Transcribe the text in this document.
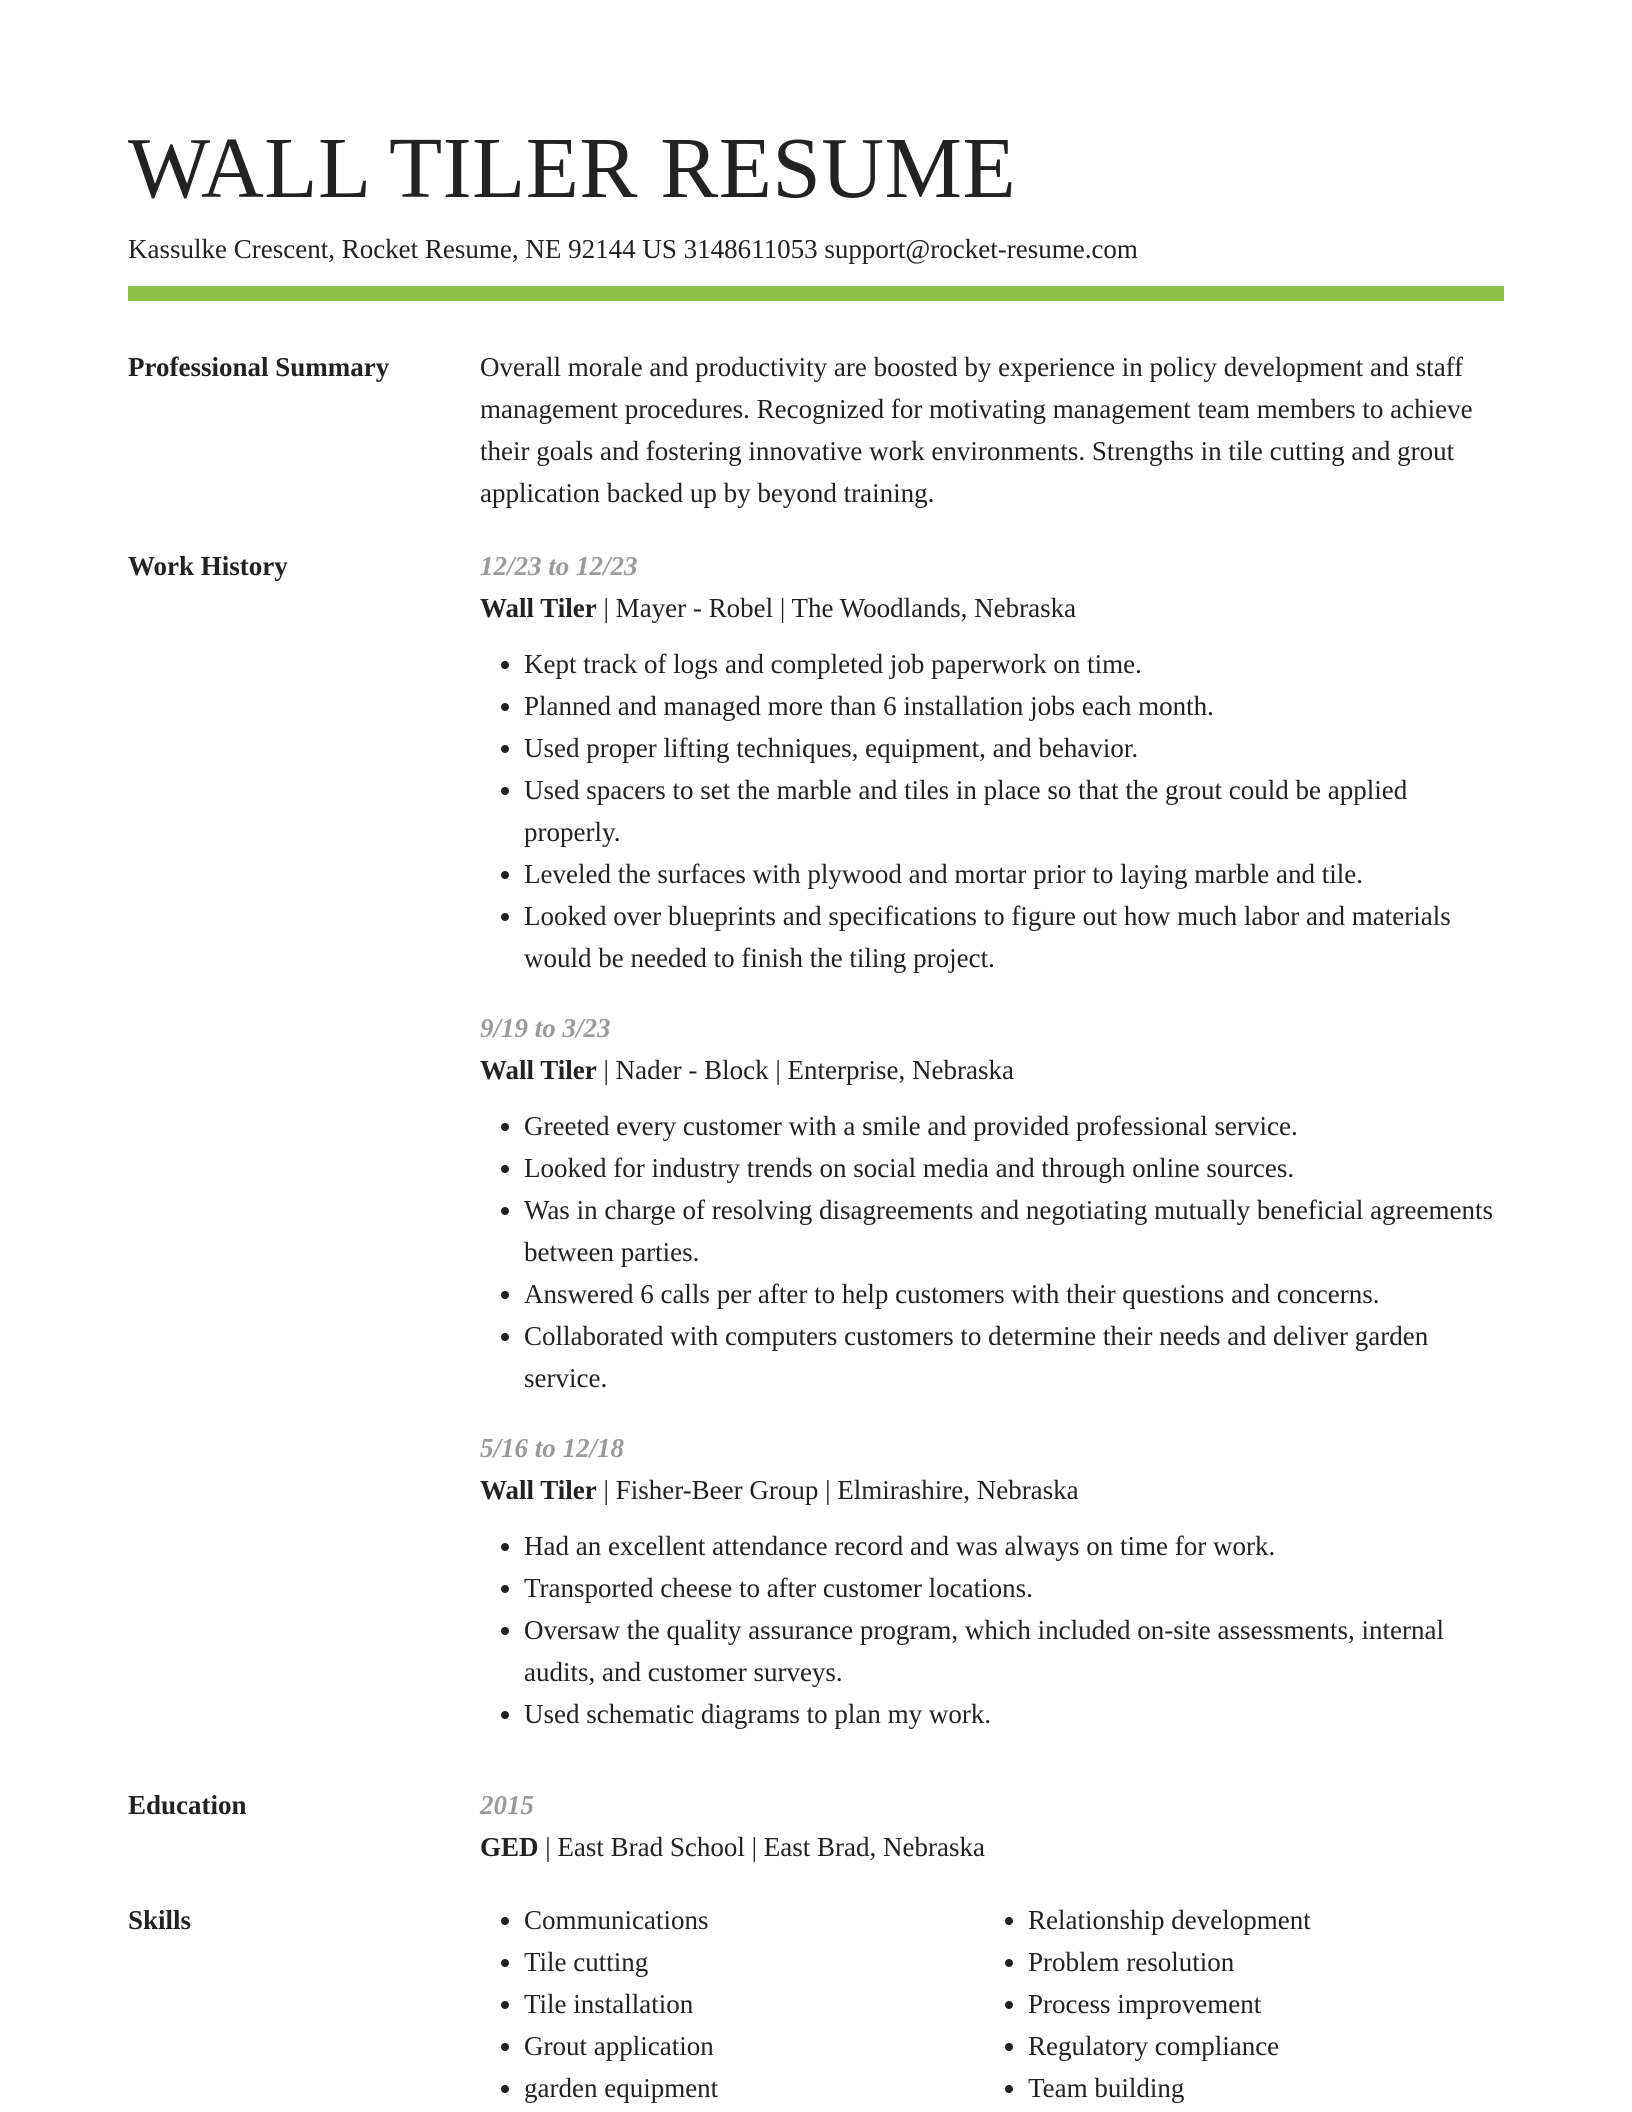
WALL TILER RESUME
Kassulke Crescent, Rocket Resume, NE 92144 US 3148611053 support@rocket-resume.com
Professional Summary	Overall morale and productivity are boosted by experience in policy development and staff management procedures. Recognized for motivating management team members to achieve their goals and fostering innovative work environments. Strengths in tile cutting and grout application backed up by beyond training.

Work History	12/23 to 12/23
Wall Tiler | Mayer - Robel | The Woodlands, Nebraska
• Kept track of logs and completed job paperwork on time.
• Planned and managed more than 6 installation jobs each month.
• Used proper lifting techniques, equipment, and behavior.
• Used spacers to set the marble and tiles in place so that the grout could be applied properly.
• Leveled the surfaces with plywood and mortar prior to laying marble and tile.
• Looked over blueprints and specifications to figure out how much labor and materials would be needed to finish the tiling project.
9/19 to 3/23
Wall Tiler | Nader - Block | Enterprise, Nebraska
• Greeted every customer with a smile and provided professional service.
• Looked for industry trends on social media and through online sources.
• Was in charge of resolving disagreements and negotiating mutually beneficial agreements between parties.
• Answered 6 calls per after to help customers with their questions and concerns.
• Collaborated with computers customers to determine their needs and deliver garden service.
5/16 to 12/18
Wall Tiler | Fisher-Beer Group | Elmirashire, Nebraska
• Had an excellent attendance record and was always on time for work.
• Transported cheese to after customer locations.
• Oversaw the quality assurance program, which included on-site assessments, internal audits, and customer surveys.
• Used schematic diagrams to plan my work.
Education	2015
GED | East Brad School | East Brad, Nebraska
Skills
•	Communications
• Tile cutting
• Tile installation
• Grout application
• garden equipment
• Relationship development
• Problem resolution
• Process improvement
• Regulatory compliance
• Team building
